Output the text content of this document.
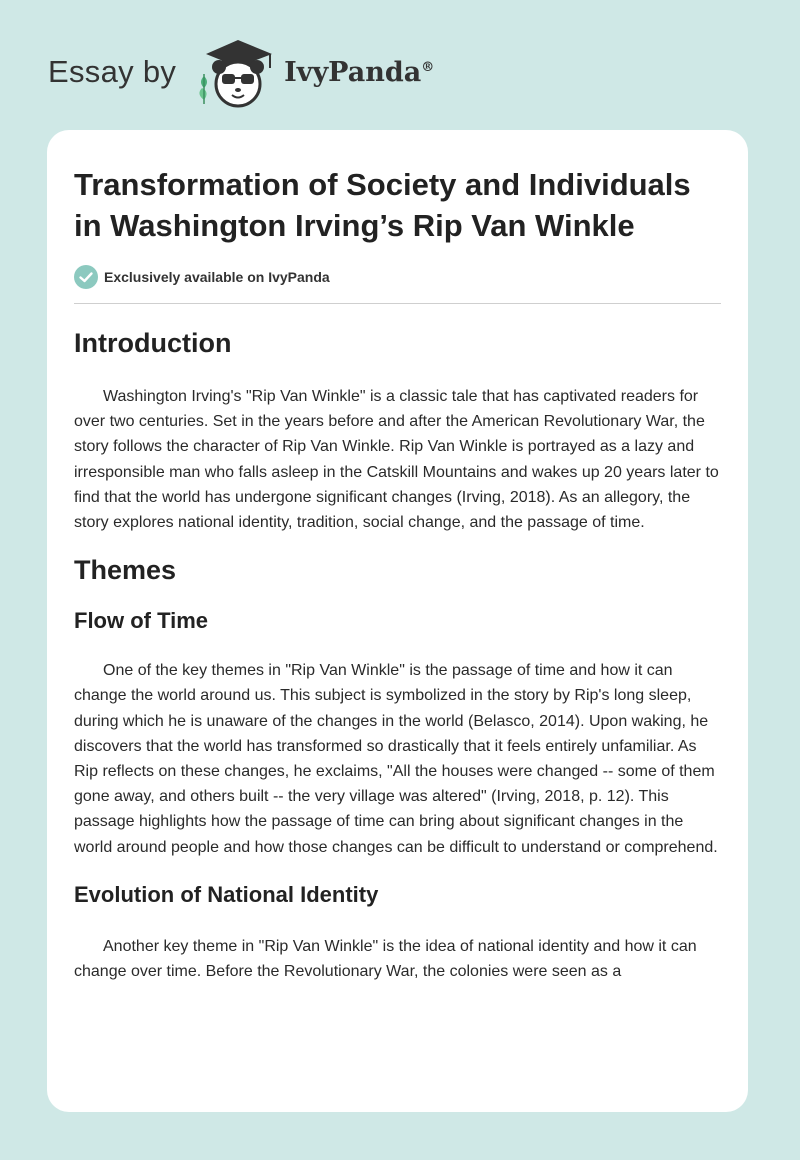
Essay by	IvyPanda®
Transformation of Society and Individuals in Washington Irving’s Rip Van Winkle
Exclusively available on IvyPanda
Introduction

Washington Irving's "Rip Van Winkle" is a classic tale that has captivated readers for over two centuries. Set in the years before and after the American Revolutionary War, the story follows the character of Rip Van Winkle. Rip Van Winkle is portrayed as a lazy and irresponsible man who falls asleep in the Catskill Mountains and wakes up 20 years later to find that the world has undergone significant changes (Irving, 2018). As an allegory, the story explores national identity, tradition, social change, and the passage of time.

Themes
Flow of Time

One of the key themes in "Rip Van Winkle" is the passage of time and how it can change the world around us. This subject is symbolized in the story by Rip's long sleep, during which he is unaware of the changes in the world (Belasco, 2014). Upon waking, he discovers that the world has transformed so drastically that it feels entirely unfamiliar. As Rip reflects on these changes, he exclaims, "All the houses were changed -- some of them gone away, and others built -- the very village was altered" (Irving, 2018, p. 12). This passage highlights how the passage of time can bring about significant changes in the world around people and how those changes can be difficult to understand or comprehend.

Evolution of National Identity

Another key theme in "Rip Van Winkle" is the idea of national identity and how it can change over time. Before the Revolutionary War, the colonies were seen as a
